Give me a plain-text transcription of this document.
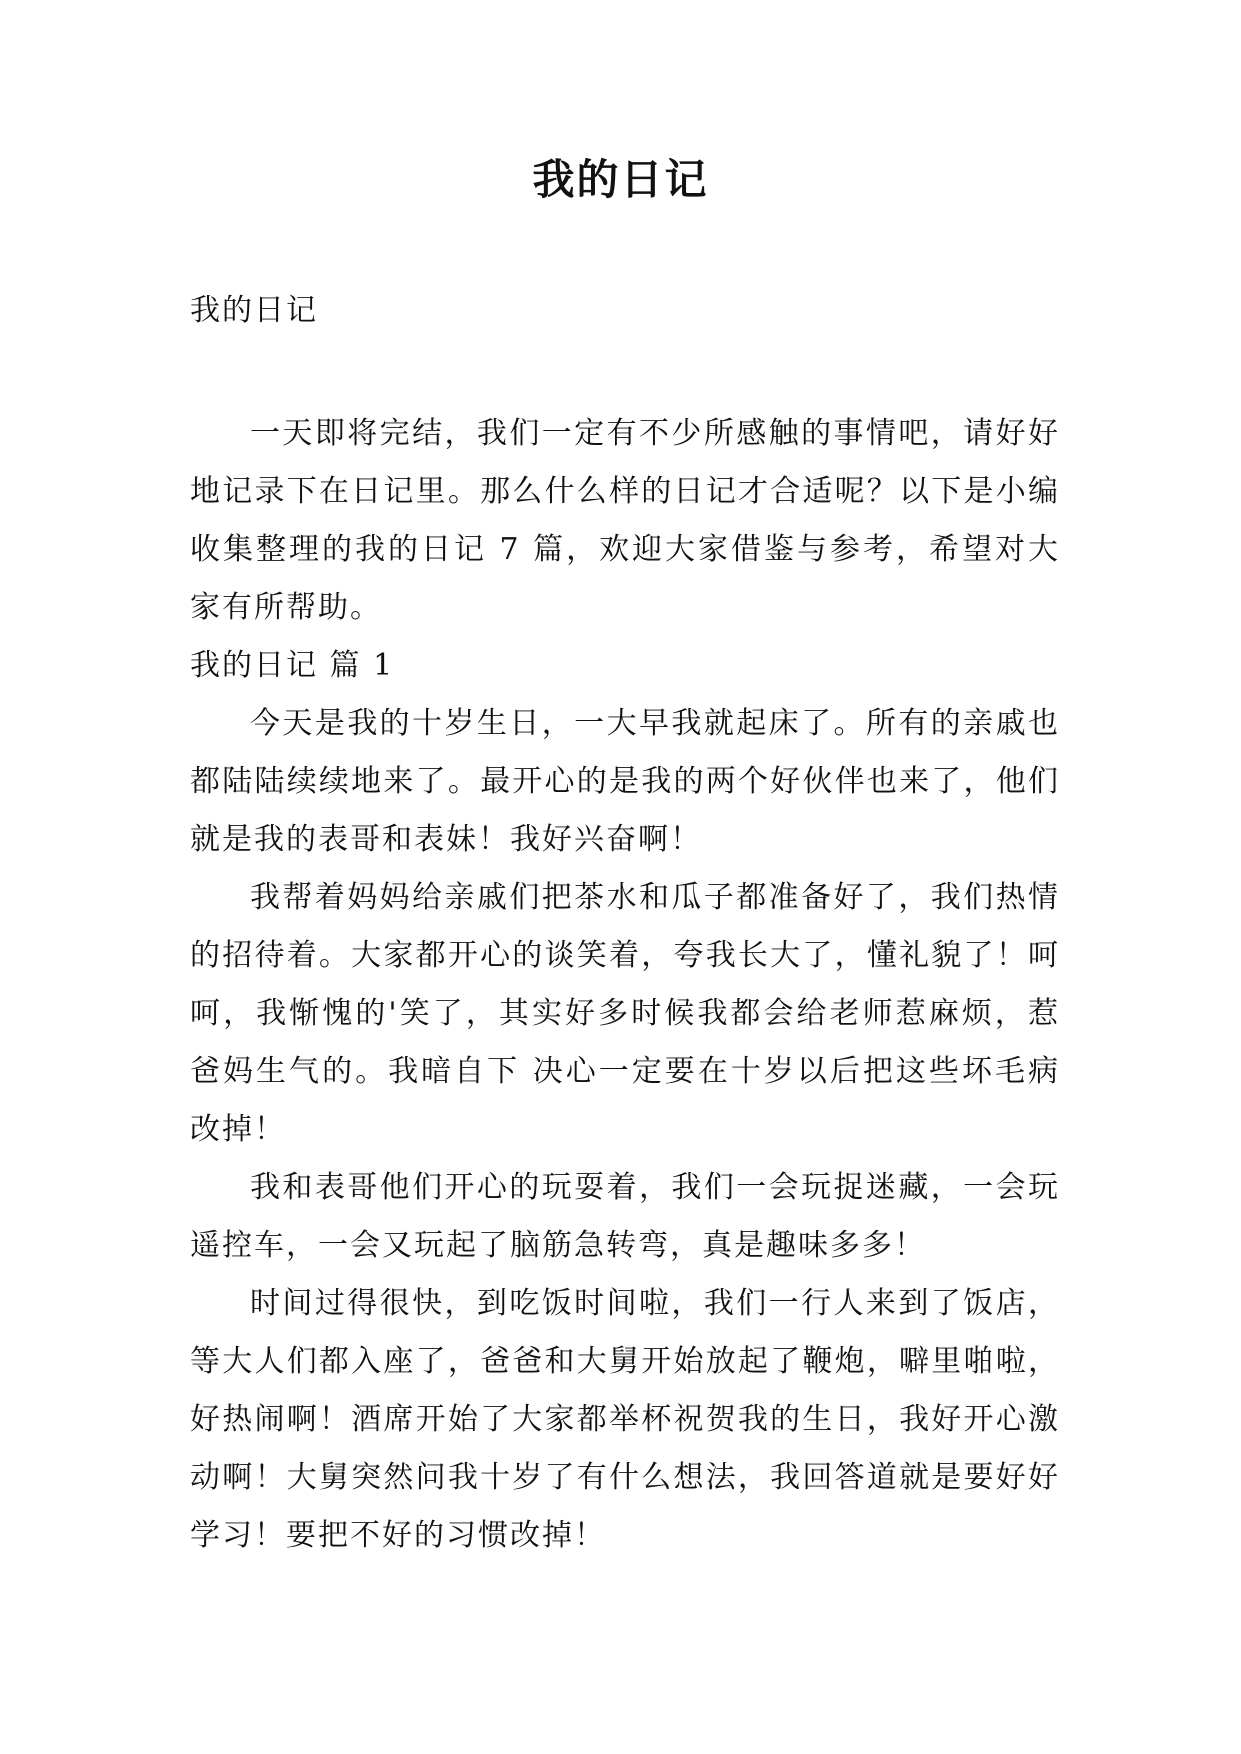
我的日记
我的日记

一天即将完结，我们一定有不少所感触的事情吧，请好好地记录下在日记里。那么什么样的日记才合适呢？以下是小编收集整理的我的日记 7 篇，欢迎大家借鉴与参考，希望对大家有所帮助。

我的日记 篇 1

今天是我的十岁生日，一大早我就起床了。所有的亲戚也都陆陆续续地来了。最开心的是我的两个好伙伴也来了，他们就是我的表哥和表妹！我好兴奋啊！

我帮着妈妈给亲戚们把茶水和瓜子都准备好了，我们热情的招待着。大家都开心的谈笑着，夸我长大了，懂礼貌了！呵呵，我惭愧的'笑了，其实好多时候我都会给老师惹麻烦，惹爸妈生气的。我暗自下 决心一定要在十岁以后把这些坏毛病改掉！

我和表哥他们开心的玩耍着，我们一会玩捉迷藏，一会玩遥控车，一会又玩起了脑筋急转弯，真是趣味多多！

时间过得很快，到吃饭时间啦，我们一行人来到了饭店，等大人们都入座了，爸爸和大舅开始放起了鞭炮，噼里啪啦，好热闹啊！酒席开始了大家都举杯祝贺我的生日，我好开心激动啊！大舅突然问我十岁了有什么想法，我回答道就是要好好学习！要把不好的习惯改掉！
